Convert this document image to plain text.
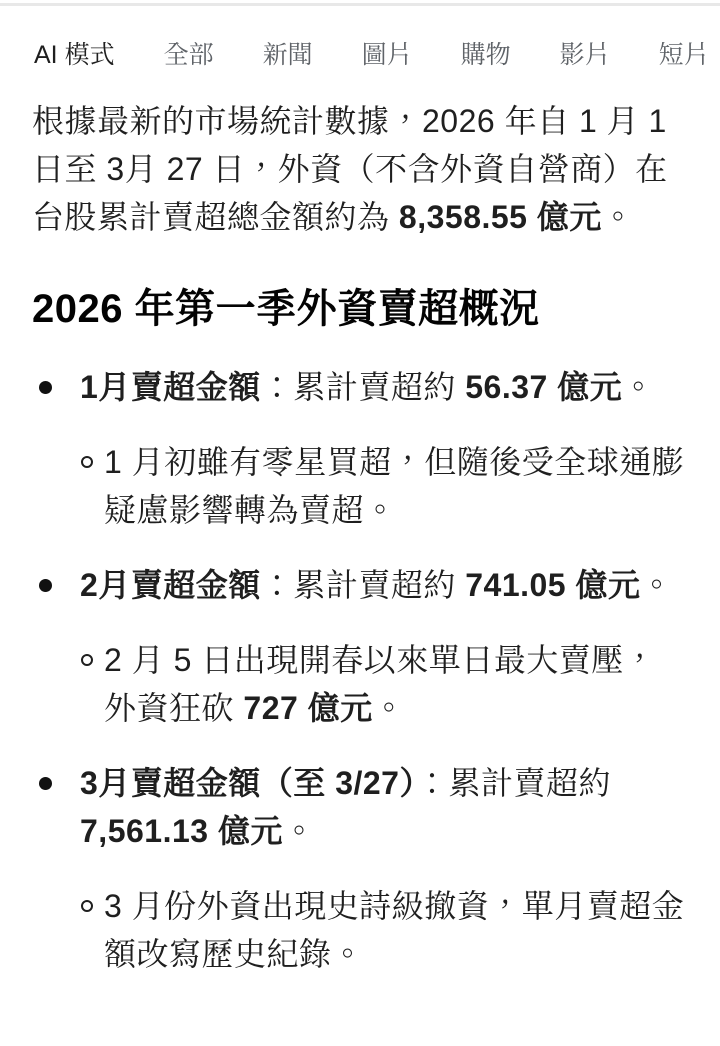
AI 模式 全部 新聞 圖片 購物 影片 短片

根據最新的市場統計數據，2026 年自 1 月 1 日至 3月 27 日，外資（不含外資自營商）在台股累計賣超總金額約為 8,358.55 億元。

2026 年第一季外資賣超概況
1月賣超金額：累計賣超約 56.37 億元。
1 月初雖有零星買超，但隨後受全球通膨疑慮影響轉為賣超。
2月賣超金額：累計賣超約 741.05 億元。
2 月 5 日出現開春以來單日最大賣壓，外資狂砍 727 億元。
3月賣超金額（至 3/27）：累計賣超約 7,561.13 億元。
3 月份外資出現史詩級撤資，單月賣超金額改寫歷史紀錄。
